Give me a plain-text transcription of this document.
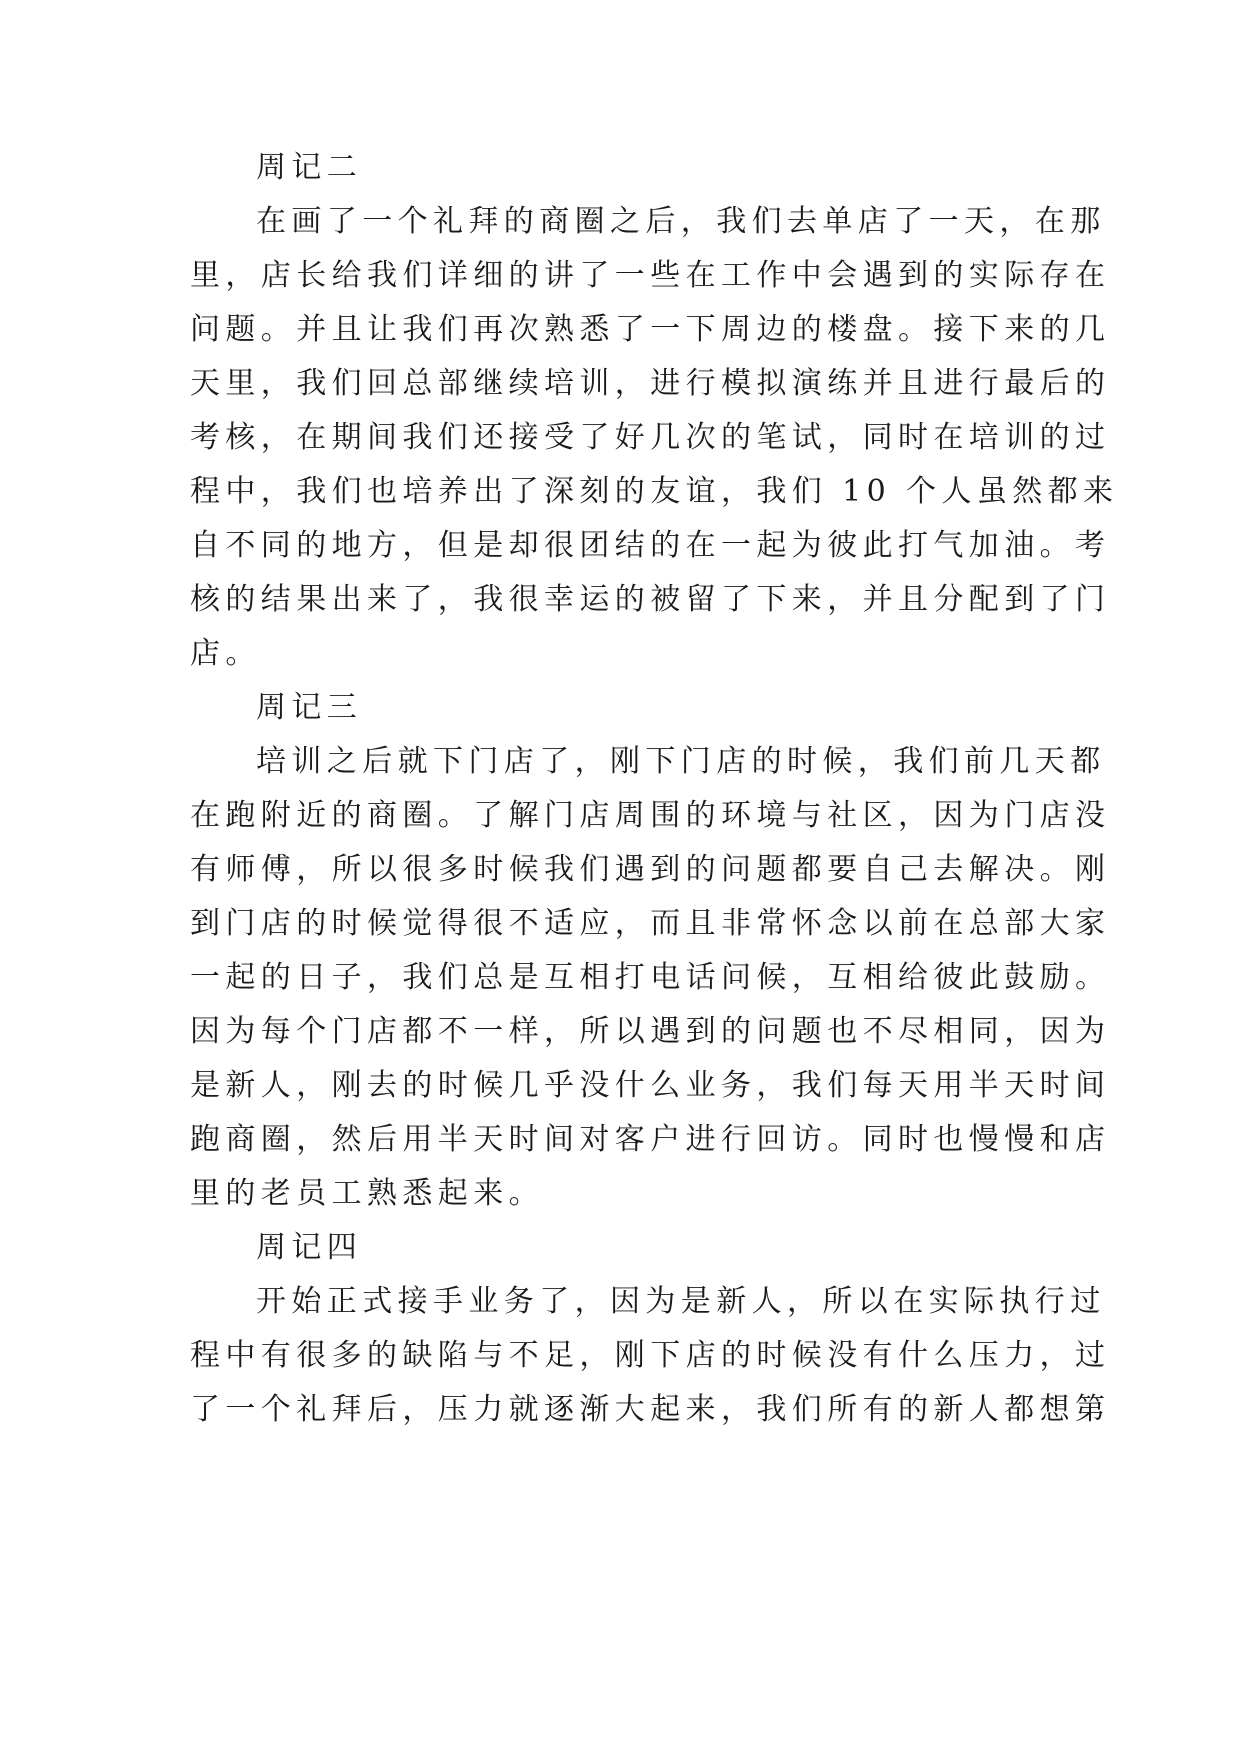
周记二
在画了一个礼拜的商圈之后，我们去单店了一天，在那
里，店长给我们详细的讲了一些在工作中会遇到的实际存在
问题。并且让我们再次熟悉了一下周边的楼盘。接下来的几
天里，我们回总部继续培训，进行模拟演练并且进行最后的
考核，在期间我们还接受了好几次的笔试，同时在培训的过
程中，我们也培养出了深刻的友谊，我们 10 个人虽然都来
自不同的地方，但是却很团结的在一起为彼此打气加油。考
核的结果出来了，我很幸运的被留了下来，并且分配到了门
店。
周记三
培训之后就下门店了，刚下门店的时候，我们前几天都
在跑附近的商圈。了解门店周围的环境与社区，因为门店没
有师傅，所以很多时候我们遇到的问题都要自己去解决。刚
到门店的时候觉得很不适应，而且非常怀念以前在总部大家
一起的日子，我们总是互相打电话问候，互相给彼此鼓励。
因为每个门店都不一样，所以遇到的问题也不尽相同，因为
是新人，刚去的时候几乎没什么业务，我们每天用半天时间
跑商圈，然后用半天时间对客户进行回访。同时也慢慢和店
里的老员工熟悉起来。
周记四
开始正式接手业务了，因为是新人，所以在实际执行过
程中有很多的缺陷与不足，刚下店的时候没有什么压力，过
了一个礼拜后，压力就逐渐大起来，我们所有的新人都想第
